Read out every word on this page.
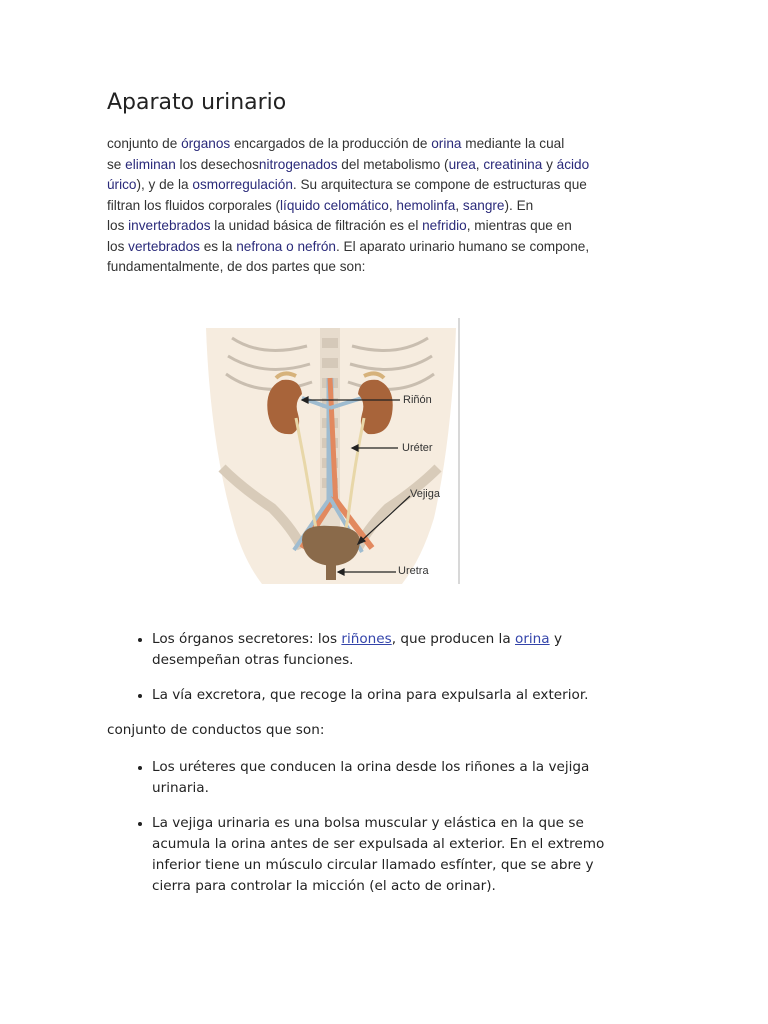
Aparato urinario
conjunto de órganos encargados de la producción de orina mediante la cual
se eliminan los desechosnitrogenados del metabolismo (urea, creatinina y ácido
úrico), y de la osmorregulación. Su arquitectura se compone de estructuras que
filtran los fluidos corporales (líquido celomático, hemolinfa, sangre). En
los invertebrados la unidad básica de filtración es el nefridio, mientras que en
los vertebrados es la nefrona o nefrón. El aparato urinario humano se compone,
fundamentalmente, de dos partes que son:
Riñón
Uréter
Vejiga
Uretra
• Los órganos secretores: los riñones, que producen la orina y
desempeñan otras funciones.
• La vía excretora, que recoge la orina para expulsarla al exterior.
conjunto de conductos que son:
• Los uréteres que conducen la orina desde los riñones a la vejiga
urinaria.
• La vejiga urinaria es una bolsa muscular y elástica en la que se
acumula la orina antes de ser expulsada al exterior. En el extremo
inferior tiene un músculo circular llamado esfínter, que se abre y
cierra para controlar la micción (el acto de orinar).
